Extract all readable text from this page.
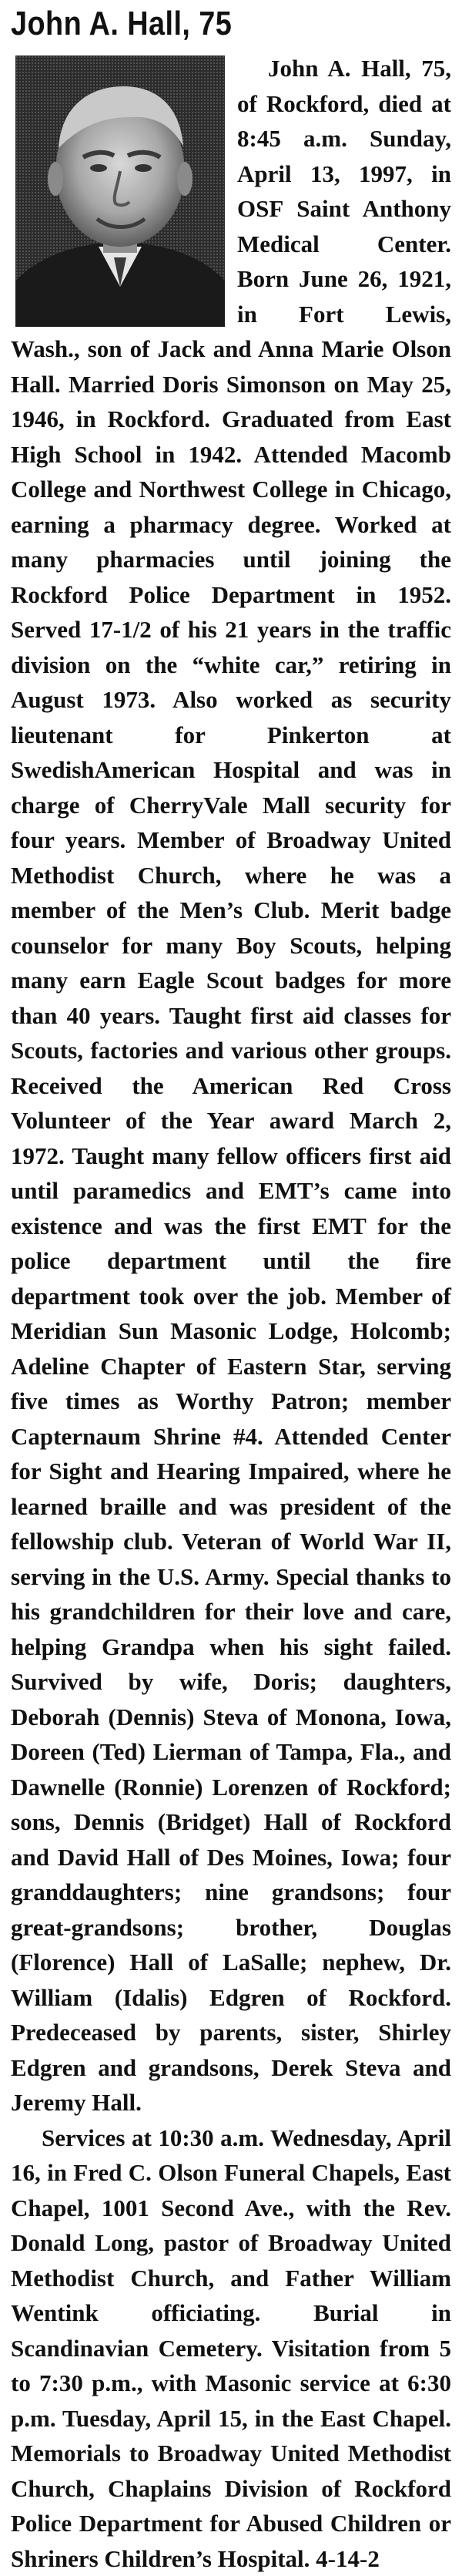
John A. Hall, 75

John A. Hall, 75, of Rockford, died at 8:45 a.m. Sunday, April 13, 1997, in OSF Saint Anthony Medical Center. Born June 26, 1921, in Fort Lewis, Wash., son of Jack and Anna Marie Olson Hall. Married Doris Simonson on May 25, 1946, in Rockford. Graduated from East High School in 1942. Attended Macomb College and Northwest College in Chicago, earning a pharmacy degree. Worked at many pharmacies until joining the Rockford Police Department in 1952. Served 17-1/2 of his 21 years in the traffic division on the “white car,” retiring in August 1973. Also worked as security lieutenant for Pinkerton at SwedishAmerican Hospital and was in charge of CherryVale Mall security for four years. Member of Broadway United Methodist Church, where he was a member of the Men’s Club. Merit badge counselor for many Boy Scouts, helping many earn Eagle Scout badges for more than 40 years. Taught first aid classes for Scouts, factories and various other groups. Received the American Red Cross Volunteer of the Year award March 2, 1972. Taught many fellow officers first aid until paramedics and EMT’s came into existence and was the first EMT for the police department until the fire department took over the job. Member of Meridian Sun Masonic Lodge, Holcomb; Adeline Chapter of Eastern Star, serving five times as Worthy Patron; member Capternaum Shrine #4. Attended Center for Sight and Hearing Impaired, where he learned braille and was president of the fellowship club. Veteran of World War II, serving in the U.S. Army. Special thanks to his grandchildren for their love and care, helping Grandpa when his sight failed. Survived by wife, Doris; daughters, Deborah (Dennis) Steva of Monona, Iowa, Doreen (Ted) Lierman of Tampa, Fla., and Dawnelle (Ronnie) Lorenzen of Rockford; sons, Dennis (Bridget) Hall of Rockford and David Hall of Des Moines, Iowa; four granddaughters; nine grandsons; four great-grandsons; brother, Douglas (Florence) Hall of LaSalle; nephew, Dr. William (Idalis) Edgren of Rockford. Predeceased by parents, sister, Shirley Edgren and grandsons, Derek Steva and Jeremy Hall.

Services at 10:30 a.m. Wednesday, April 16, in Fred C. Olson Funeral Chapels, East Chapel, 1001 Second Ave., with the Rev. Donald Long, pastor of Broadway United Methodist Church, and Father William Wentink officiating. Burial in Scandinavian Cemetery. Visitation from 5 to 7:30 p.m., with Masonic service at 6:30 p.m. Tuesday, April 15, in the East Chapel. Memorials to Broadway United Methodist Church, Chaplains Division of Rockford Police Department for Abused Children or Shriners Children’s Hospital. 4-14-2
